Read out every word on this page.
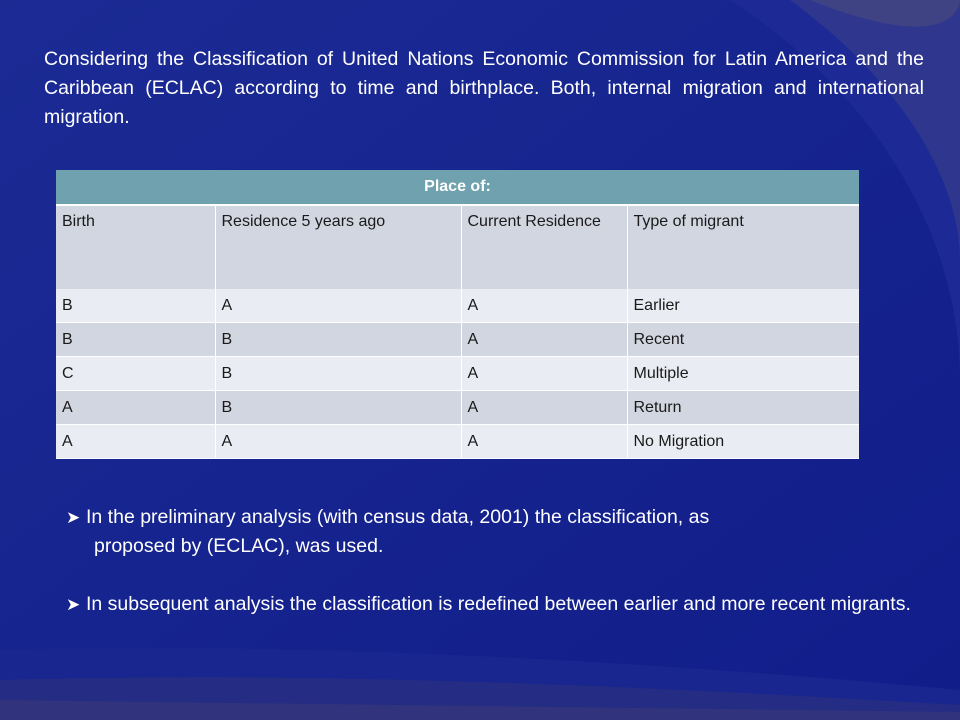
Considering the Classification of United Nations Economic Commission for Latin America and the Caribbean (ECLAC) according to time and birthplace. Both, internal migration and international migration.

Place of:			
Birth	Residence 5 years ago	Current Residence	Type of migrant
B	A	A	Earlier
B	B	A	Recent
C	B	A	Multiple
A	B	A	Return
A	A	A	No Migration
➤ In the preliminary analysis (with census data, 2001) the classification, as
proposed by (ECLAC), was used.
➤ In subsequent analysis the classification is redefined between earlier and more recent migrants.
